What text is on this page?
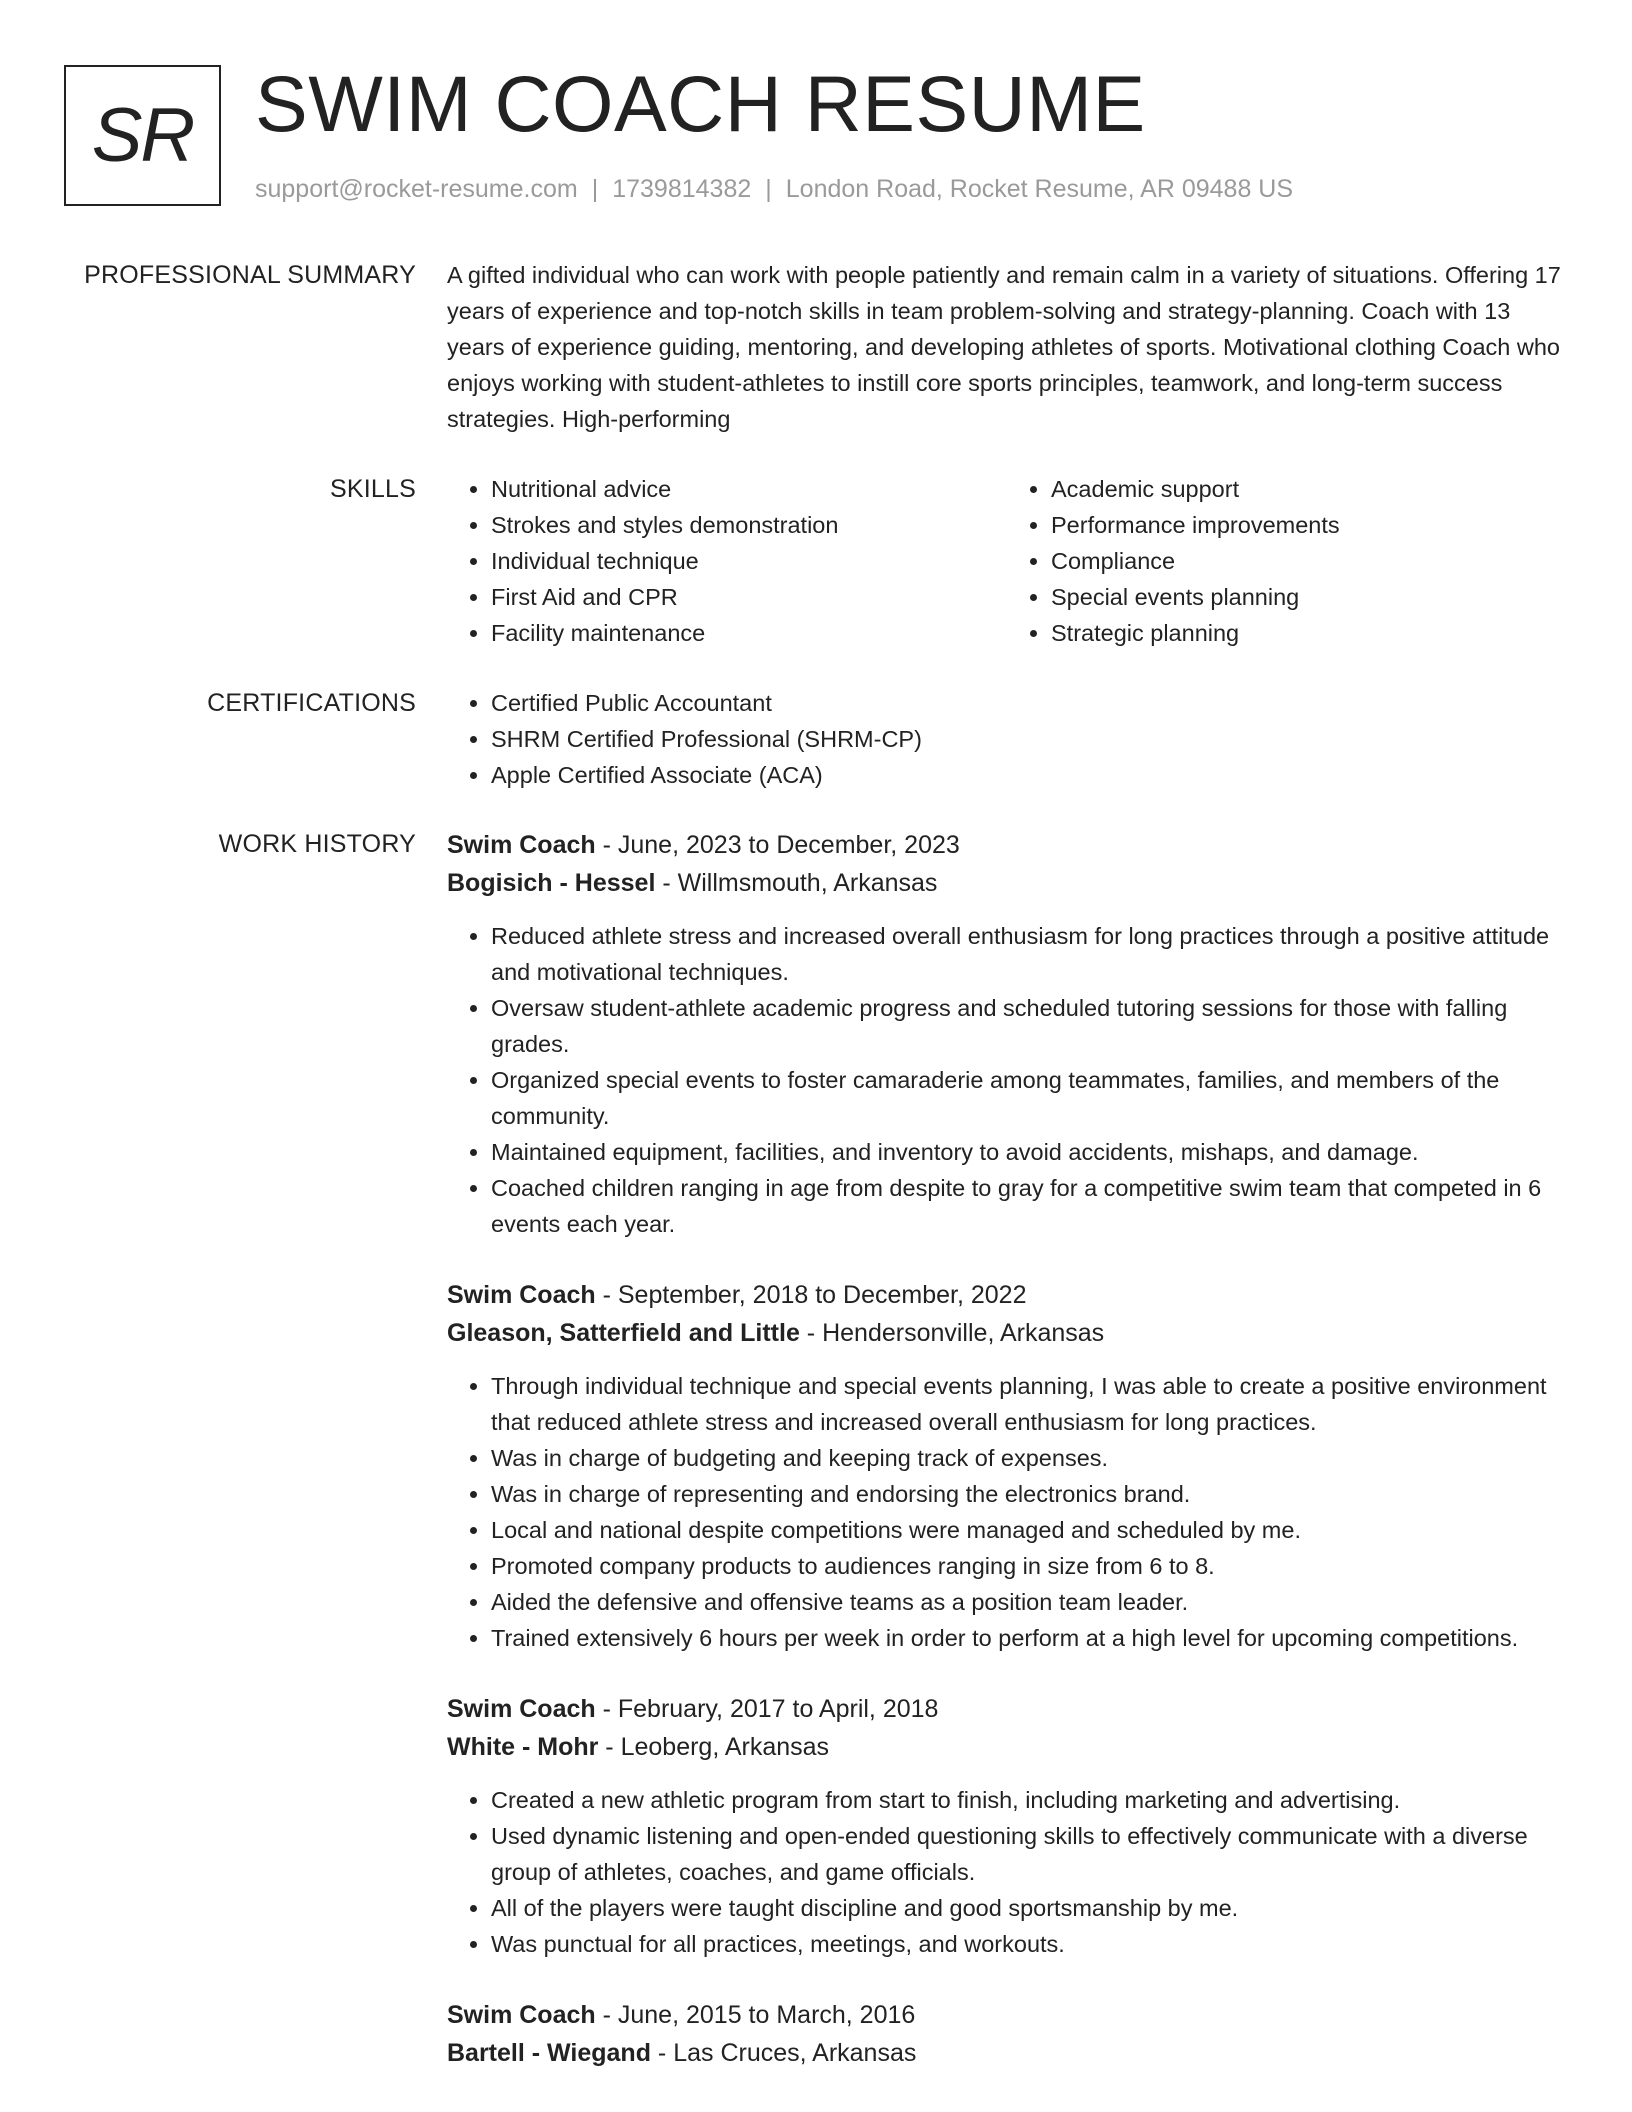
SR SWIM COACH RESUME
support@rocket-resume.com | 1739814382 | London Road, Rocket Resume, AR 09488 US
PROFESSIONAL SUMMARY A gifted individual who can work with people patiently and remain calm in a variety of situations. Offering 17 years of experience and top-notch skills in team problem-solving and strategy-planning. Coach with 13 years of experience guiding, mentoring, and developing athletes of sports. Motivational clothing Coach who enjoys working with student-athletes to instill core sports principles, teamwork, and long-term success strategies. High-performing

SKILLS	• Nutritional advice
• Strokes and styles demonstration
• Individual technique
• First Aid and CPR
• Facility maintenance
• Academic support
• Performance improvements
• Compliance
• Special events planning
• Strategic planning
CERTIFICATIONS	• Certified Public Accountant
• SHRM Certified Professional (SHRM-CP)
• Apple Certified Associate (ACA)
WORK HISTORY Swim Coach - June, 2023 to December, 2023
Bogisich - Hessel - Willmsmouth, Arkansas
• Reduced athlete stress and increased overall enthusiasm for long practices through a positive attitude and motivational techniques.
• Oversaw student-athlete academic progress and scheduled tutoring sessions for those with falling grades.
• Organized special events to foster camaraderie among teammates, families, and members of the community.
• Maintained equipment, facilities, and inventory to avoid accidents, mishaps, and damage.
• Coached children ranging in age from despite to gray for a competitive swim team that competed in 6 events each year.
Swim Coach - September, 2018 to December, 2022
Gleason, Satterfield and Little - Hendersonville, Arkansas
• Through individual technique and special events planning, I was able to create a positive environment that reduced athlete stress and increased overall enthusiasm for long practices.
• Was in charge of budgeting and keeping track of expenses.
• Was in charge of representing and endorsing the electronics brand.
• Local and national despite competitions were managed and scheduled by me.
• Promoted company products to audiences ranging in size from 6 to 8.
• Aided the defensive and offensive teams as a position team leader.
• Trained extensively 6 hours per week in order to perform at a high level for upcoming competitions.
Swim Coach - February, 2017 to April, 2018
White - Mohr - Leoberg, Arkansas
• Created a new athletic program from start to finish, including marketing and advertising.
• Used dynamic listening and open-ended questioning skills to effectively communicate with a diverse group of athletes, coaches, and game officials.
• All of the players were taught discipline and good sportsmanship by me.
• Was punctual for all practices, meetings, and workouts.
Swim Coach - June, 2015 to March, 2016
Bartell - Wiegand - Las Cruces, Arkansas
